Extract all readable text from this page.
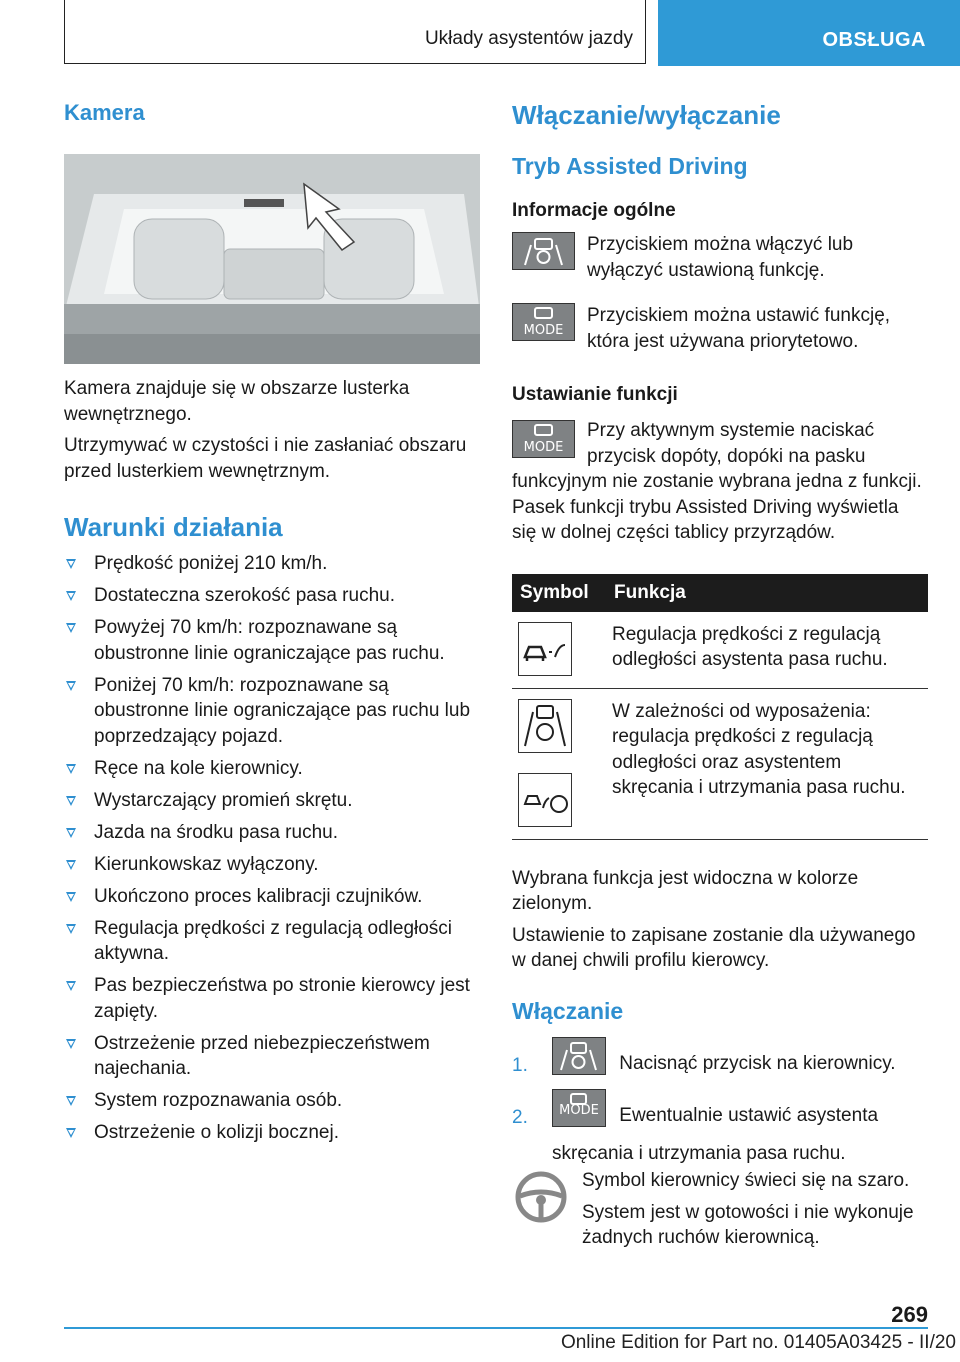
Układy asystentów jazdy	OBSŁUGA
Kamera

Kamera znajduje się w obszarze lusterka wewnętrznego.

Utrzymywać w czystości i nie zasłaniać obszaru przed lusterkiem wewnętrznym.

Warunki działania
Prędkość poniżej 210 km/h.
Dostateczna szerokość pasa ruchu.
Powyżej 70 km/h: rozpoznawane są obustronne linie ograniczające pas ruchu.
Poniżej 70 km/h: rozpoznawane są obustronne linie ograniczające pas ruchu lub poprzedzający pojazd.
Ręce na kole kierownicy.
Wystarczający promień skrętu.
Jazda na środku pasa ruchu.
Kierunkowskaz wyłączony.
Ukończono proces kalibracji czujników.
Regulacja prędkości z regulacją odległości aktywna.
Pas bezpieczeństwa po stronie kierowcy jest zapięty.
Ostrzeżenie przed niebezpieczeństwem najechania.
System rozpoznawania osób.
Ostrzeżenie o kolizji bocznej.
Włączanie/wyłączanie
Tryb Assisted Driving

Informacje ogólne

Przyciskiem można włączyć lub wyłączyć ustawioną funkcję.

MODE

Przyciskiem można ustawić funkcję, która jest używana priorytetowo.

Ustawianie funkcji

MODE

Przy aktywnym systemie naciskać przycisk dopóty, dopóki na pasku funkcyjnym nie zostanie wybrana jedna z funkcji. Pasek funkcji trybu Assisted Driving wyświetla się w dolnej części tablicy przyrządów.

Symbol	Funkcja

	Regulacja prędkości z regulacją odległości asystenta pasa ruchu.

	W zależności od wyposażenia: regulacja prędkości z regulacją odległości oraz asystentem skręcania i utrzymania pasa ruchu.

Wybrana funkcja jest widoczna w kolorze zielonym.

Ustawienie to zapisane zostanie dla używanego w danej chwili profilu kierowcy.

Włączanie
1.	Nacisnąć przycisk na kierownicy.
2.	MODE	Ewentualnie ustawić asystenta skręcania i utrzymania pasa ruchu.

Symbol kierownicy świeci się na szaro.

System jest w gotowości i nie wykonuje żadnych ruchów kierownicą.

269
Online Edition for Part no. 01405A03425 - II/20
